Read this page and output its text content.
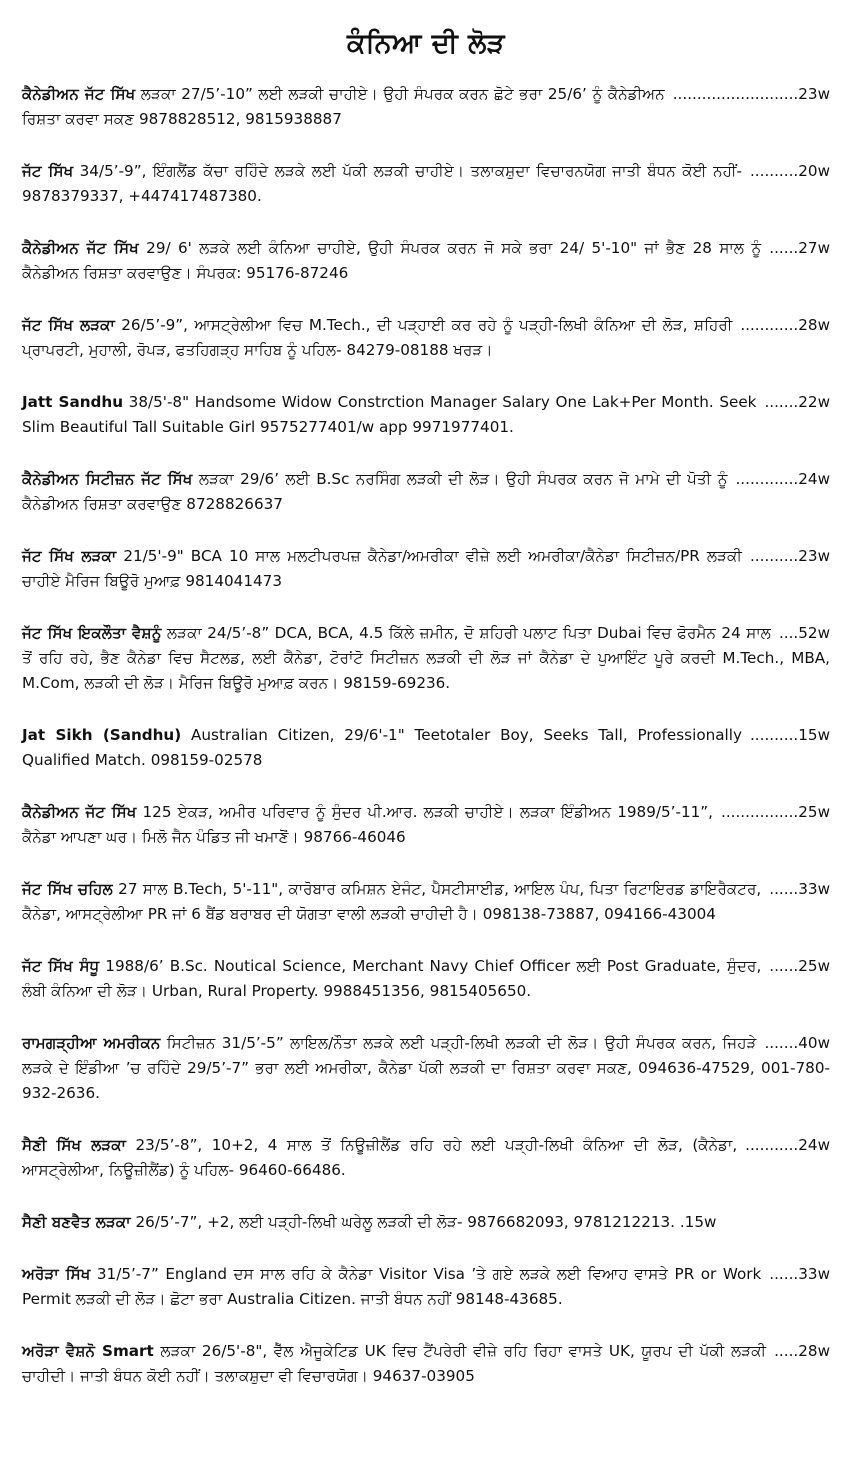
ਕੰਨਿਆ ਦੀ ਲੋੜ
..........................23w
ਕੈਨੇਡੀਅਨ ਜੱਟ ਸਿੱਖ ਲੜਕਾ 27/5’-10” ਲਈ ਲੜਕੀ ਚਾਹੀਏ। ਉਹੀ ਸੰਪਰਕ ਕਰਨ ਛੋਟੇ ਭਰਾ 25/6’ ਨੂੰ ਕੈਨੇਡੀਅਨ ਰਿਸ਼ਤਾ ਕਰਵਾ ਸਕਣ 9878828512, 9815938887
..........20w
ਜੱਟ ਸਿੱਖ 34/5’-9”, ਇੰਗਲੈਂਡ ਕੱਚਾ ਰਹਿੰਦੇ ਲੜਕੇ ਲਈ ਪੱਕੀ ਲੜਕੀ ਚਾਹੀਏ। ਤਲਾਕਸ਼ੁਦਾ ਵਿਚਾਰਨਯੋਗ ਜਾਤੀ ਬੰਧਨ ਕੋਈ ਨਹੀਂ- 9878379337, +447417487380.
......27w
ਕੈਨੇਡੀਅਨ ਜੱਟ ਸਿੱਖ 29/ 6' ਲੜਕੇ ਲਈ ਕੰਨਿਆ ਚਾਹੀਏ, ਉਹੀ ਸੰਪਰਕ ਕਰਨ ਜੋ ਸਕੇ ਭਰਾ 24/ 5'-10" ਜਾਂ ਭੈਣ 28 ਸਾਲ ਨੂੰ ਕੈਨੇਡੀਅਨ ਰਿਸ਼ਤਾ ਕਰਵਾਉਣ। ਸੰਪਰਕ: 95176-87246
............28w
ਜੱਟ ਸਿੱਖ ਲੜਕਾ 26/5’-9”, ਆਸਟ੍ਰੇਲੀਆ ਵਿਚ M.Tech., ਦੀ ਪੜ੍ਹਾਈ ਕਰ ਰਹੇ ਨੂੰ ਪੜ੍ਹੀ-ਲਿਖੀ ਕੰਨਿਆ ਦੀ ਲੋੜ, ਸ਼ਹਿਰੀ ਪ੍ਰਾਪਰਟੀ, ਮੁਹਾਲੀ, ਰੋਪੜ, ਫਤਹਿਗੜ੍ਹ ਸਾਹਿਬ ਨੂੰ ਪਹਿਲ- 84279-08188 ਖਰੜ।
.......22w
Jatt Sandhu 38/5'-8" Handsome Widow Constrction Manager Salary One Lak+Per Month. Seek Slim Beautiful Tall Suitable Girl 9575277401/w app 9971977401.
.............24w
ਕੈਨੇਡੀਅਨ ਸਿਟੀਜ਼ਨ ਜੱਟ ਸਿੱਖ ਲੜਕਾ 29/6’ ਲਈ B.Sc ਨਰਸਿੰਗ ਲੜਕੀ ਦੀ ਲੋੜ। ਉਹੀ ਸੰਪਰਕ ਕਰਨ ਜੋ ਮਾਮੇ ਦੀ ਪੋਤੀ ਨੂੰ ਕੈਨੇਡੀਅਨ ਰਿਸ਼ਤਾ ਕਰਵਾਉਣ 8728826637
..........23w
ਜੱਟ ਸਿੱਖ ਲੜਕਾ 21/5'-9" BCA 10 ਸਾਲ ਮਲਟੀਪਰਪਜ਼ ਕੈਨੇਡਾ/ਅਮਰੀਕਾ ਵੀਜ਼ੇ ਲਈ ਅਮਰੀਕਾ/ਕੈਨੇਡਾ ਸਿਟੀਜ਼ਨ/PR ਲੜਕੀ ਚਾਹੀਏ ਮੈਰਿਜ ਬਿਊਰੋ ਮੁਆਫ਼ 9814041473
....52w
ਜੱਟ ਸਿੱਖ ਇਕਲੌਤਾ ਵੈਸ਼ਨੂੰ ਲੜਕਾ 24/5’-8” DCA, BCA, 4.5 ਕਿੱਲੇ ਜ਼ਮੀਨ, ਦੋ ਸ਼ਹਿਰੀ ਪਲਾਟ ਪਿਤਾ Dubai ਵਿਚ ਫੋਰਮੈਨ 24 ਸਾਲ ਤੋਂ ਰਹਿ ਰਹੇ, ਭੈਣ ਕੈਨੇਡਾ ਵਿਚ ਸੈਟਲਡ, ਲਈ ਕੈਨੇਡਾ, ਟੋਰਾਂਟੋ ਸਿਟੀਜ਼ਨ ਲੜਕੀ ਦੀ ਲੋੜ ਜਾਂ ਕੈਨੇਡਾ ਦੇ ਪੁਆਇੰਟ ਪੂਰੇ ਕਰਦੀ M.Tech., MBA, M.Com, ਲੜਕੀ ਦੀ ਲੋੜ। ਮੈਰਿਜ ਬਿਊਰੋ ਮੁਆਫ਼ ਕਰਨ। 98159-69236.
..........15w
Jat Sikh (Sandhu) Australian Citizen, 29/6'-1" Teetotaler Boy, Seeks Tall, Professionally Qualified Match. 098159-02578
................25w
ਕੈਨੇਡੀਅਨ ਜੱਟ ਸਿੱਖ 125 ਏਕੜ, ਅਮੀਰ ਪਰਿਵਾਰ ਨੂੰ ਸੁੰਦਰ ਪੀ.ਆਰ. ਲੜਕੀ ਚਾਹੀਏ। ਲੜਕਾ ਇੰਡੀਅਨ 1989/5’-11”, ਕੈਨੇਡਾ ਆਪਣਾ ਘਰ। ਮਿਲੋ ਜੈਨ ਪੰਡਿਤ ਜੀ ਖਮਾਣੋਂ। 98766-46046
......33w
ਜੱਟ ਸਿੱਖ ਚਹਿਲ 27 ਸਾਲ B.Tech, 5'-11", ਕਾਰੋਬਾਰ ਕਮਿਸ਼ਨ ਏਜੰਟ, ਪੈਸਟੀਸਾਈਡ, ਆਇਲ ਪੰਪ, ਪਿਤਾ ਰਿਟਾਇਰਡ ਡਾਇਰੈਕਟਰ, ਕੈਨੇਡਾ, ਆਸਟ੍ਰੇਲੀਆ PR ਜਾਂ 6 ਬੈਂਡ ਬਰਾਬਰ ਦੀ ਯੋਗਤਾ ਵਾਲੀ ਲੜਕੀ ਚਾਹੀਦੀ ਹੈ। 098138-73887, 094166-43004
......25w
ਜੱਟ ਸਿੱਖ ਸੰਧੂ 1988/6’ B.Sc. Noutical Science, Merchant Navy Chief Officer ਲਈ Post Graduate, ਸੁੰਦਰ, ਲੰਬੀ ਕੰਨਿਆ ਦੀ ਲੋੜ। Urban, Rural Property. 9988451356, 9815405650.
.......40w
ਰਾਮਗੜ੍ਹੀਆ ਅਮਰੀਕਨ ਸਿਟੀਜ਼ਨ 31/5’-5” ਲਾਇਲ/ਨੌਤਾ ਲੜਕੇ ਲਈ ਪੜ੍ਹੀ-ਲਿਖੀ ਲੜਕੀ ਦੀ ਲੋੜ। ਉਹੀ ਸੰਪਰਕ ਕਰਨ, ਜਿਹੜੇ ਲੜਕੇ ਦੇ ਇੰਡੀਆ ’ਚ ਰਹਿੰਦੇ 29/5’-7” ਭਰਾ ਲਈ ਅਮਰੀਕਾ, ਕੈਨੇਡਾ ਪੱਕੀ ਲੜਕੀ ਦਾ ਰਿਸ਼ਤਾ ਕਰਵਾ ਸਕਣ, 094636-47529, 001-780-932-2636.
...........24w
ਸੈਣੀ ਸਿੱਖ ਲੜਕਾ 23/5’-8”, 10+2, 4 ਸਾਲ ਤੋਂ ਨਿਊਜ਼ੀਲੈਂਡ ਰਹਿ ਰਹੇ ਲਈ ਪੜ੍ਹੀ-ਲਿਖੀ ਕੰਨਿਆ ਦੀ ਲੋੜ, (ਕੈਨੇਡਾ, ਆਸਟ੍ਰੇਲੀਆ, ਨਿਊਜ਼ੀਲੈਂਡ) ਨੂੰ ਪਹਿਲ- 96460-66486.
ਸੈਣੀ ਬਣਵੈਤ ਲੜਕਾ 26/5’-7”, +2, ਲਈ ਪੜ੍ਹੀ-ਲਿਖੀ ਘਰੇਲੂ ਲੜਕੀ ਦੀ ਲੋੜ- 9876682093, 9781212213. .15w
......33w
ਅਰੋੜਾ ਸਿੱਖ 31/5’-7” England ਦਸ ਸਾਲ ਰਹਿ ਕੇ ਕੈਨੇਡਾ Visitor Visa ’ਤੇ ਗਏ ਲੜਕੇ ਲਈ ਵਿਆਹ ਵਾਸਤੇ PR or Work Permit ਲੜਕੀ ਦੀ ਲੋੜ। ਛੋਟਾ ਭਰਾ Australia Citizen. ਜਾਤੀ ਬੰਧਨ ਨਹੀਂ 98148-43685.
.....28w
ਅਰੋੜਾ ਵੈਸ਼ਨੋ Smart ਲੜਕਾ 26/5'-8", ਵੈੱਲ ਐਜੂਕੇਟਿਡ UK ਵਿਚ ਟੈਂਪਰੇਰੀ ਵੀਜ਼ੇ ਰਹਿ ਰਿਹਾ ਵਾਸਤੇ UK, ਯੂਰਪ ਦੀ ਪੱਕੀ ਲੜਕੀ ਚਾਹੀਦੀ। ਜਾਤੀ ਬੰਧਨ ਕੋਈ ਨਹੀਂ। ਤਲਾਕਸ਼ੁਦਾ ਵੀ ਵਿਚਾਰਯੋਗ। 94637-03905
